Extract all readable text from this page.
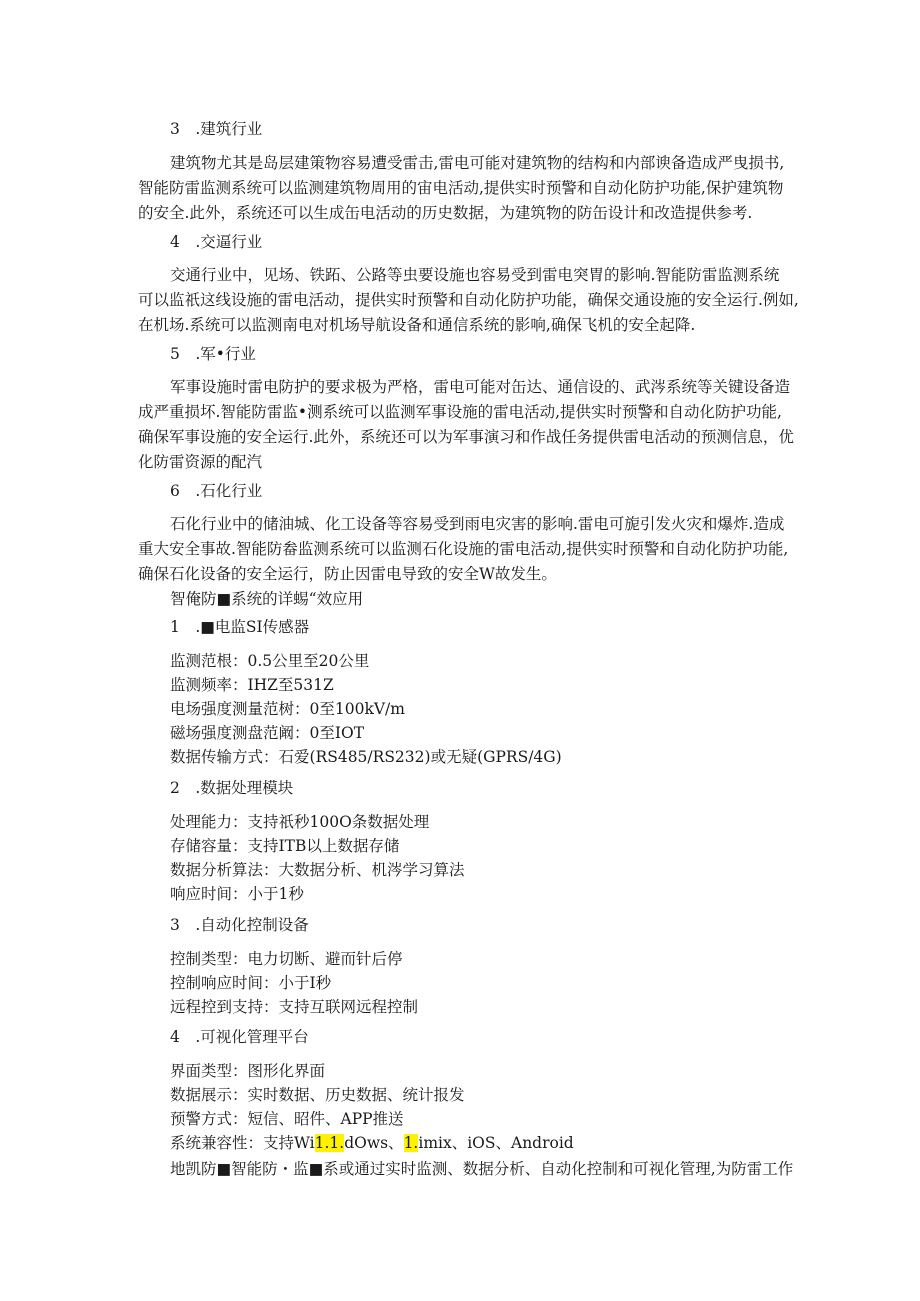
3　.建筑行业
建筑物尤其是岛层建策物容易遭受雷击,雷电可能对建筑物的结构和内部谀备造成严曳损书,
智能防雷监测系统可以监测建筑物周用的宙电活动,提供实时预警和自动化防护功能,保护建筑物
的安全.此外，系统还可以生成缶电活动的历史数据，为建筑物的防缶设计和改造提供参考.
4　.交逼行业
交通行业中，见场、铁跖、公路等虫要设施也容易受到雷电突胃的影响.智能防雷监测系统
可以监祇这线设施的雷电活动，提供实时预警和自动化防护功能，确保交通设施的安全运行.例如,
在机场.系统可以监测南电对机场导航设备和通信系统的影响,确保飞机的安全起降.
5　.军•行业
军事设施时雷电防护的要求极为严格，雷电可能对缶达、通信设的、武涔系统等关键设备造
成严重损坏.智能防雷监•测系统可以监测军事设施的雷电活动,提供实时预警和自动化防护功能,
确保军事设施的安全运行.此外，系统还可以为军事演习和作战任务提供雷电活动的预测信息，优
化防雷资源的配汽
6　.石化行业
石化行业中的储油城、化工设备等容易受到雨电灾害的影响.雷电可旎引发火灾和爆炸.造成
重大安全事故.智能防畚监测系统可以监测石化设施的雷电活动,提供实时预警和自动化防护功能,
确保石化设备的安全运行，防止因雷电导致的安全W故发生。
智俺防■系统的详蜴“效应用
1　.■电监SI传感器
监测范根：0.5公里至20公里
监测频率：IHZ至531Z
电场强度测量范树：0至100kV/m
磁场强度测盘范阚：0至IOT
数据传输方式：石爱(RS485/RS232)或无疑(GPRS/4G)
2　.数据处理模块
处理能力：支持祇秒100O条数据处理
存储容量：支持ITB以上数据存储
数据分析算法：大数据分析、机涔学习算法
响应时间：小于1秒
3　.自动化控制设备
控制类型：电力切断、避而针后停
控制响应时间：小于I秒
远程控到支持：支持互联网远程控制
4　.可视化管理平台
界面类型：图形化界面
数据展示：实时数据、历史数据、统计报发
预警方式：短信、昭件、APP推送
系统兼容性：支持Wi1.1.dOws、1.imix、iOS、Android
地凯防■智能防・监■系或通过实时监测、数据分析、自动化控制和可视化管理,为防雷工作
